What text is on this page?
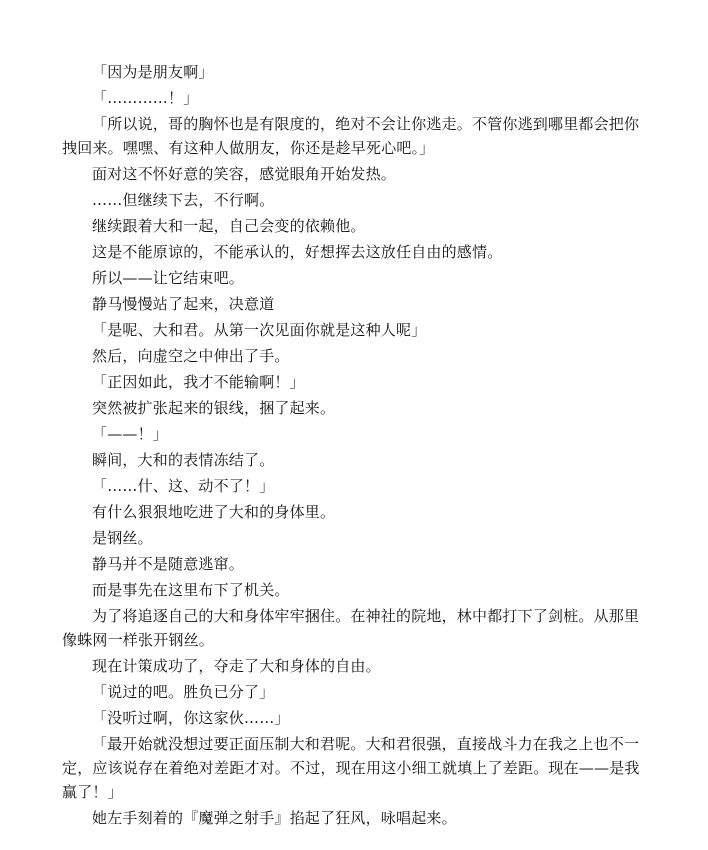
「因为是朋友啊」

「…………！」

「所以说，哥的胸怀也是有限度的，绝对不会让你逃走。不管你逃到哪里都会把你拽回来。嘿嘿、有这种人做朋友，你还是趁早死心吧。」

面对这不怀好意的笑容，感觉眼角开始发热。

……但继续下去，不行啊。

继续跟着大和一起，自己会变的依赖他。

这是不能原谅的，不能承认的，好想挥去这放任自由的感情。

所以——让它结束吧。

静马慢慢站了起来，决意道

「是呢、大和君。从第一次见面你就是这种人呢」

然后，向虚空之中伸出了手。

「正因如此，我才不能输啊！」

突然被扩张起来的银线，捆了起来。

「——！」

瞬间，大和的表情冻结了。

「……什、这、动不了！」

有什么狠狠地吃进了大和的身体里。

是钢丝。

静马并不是随意逃窜。

而是事先在这里布下了机关。

为了将追逐自己的大和身体牢牢捆住。在神社的院地，林中都打下了剑桩。从那里像蛛网一样张开钢丝。

现在计策成功了，夺走了大和身体的自由。

「说过的吧。胜负已分了」

「没听过啊，你这家伙……」

「最开始就没想过要正面压制大和君呢。大和君很强，直接战斗力在我之上也不一定，应该说存在着绝对差距才对。不过，现在用这小细工就填上了差距。现在——是我赢了！」

她左手刻着的『魔弹之射手』掐起了狂风，咏唱起来。
